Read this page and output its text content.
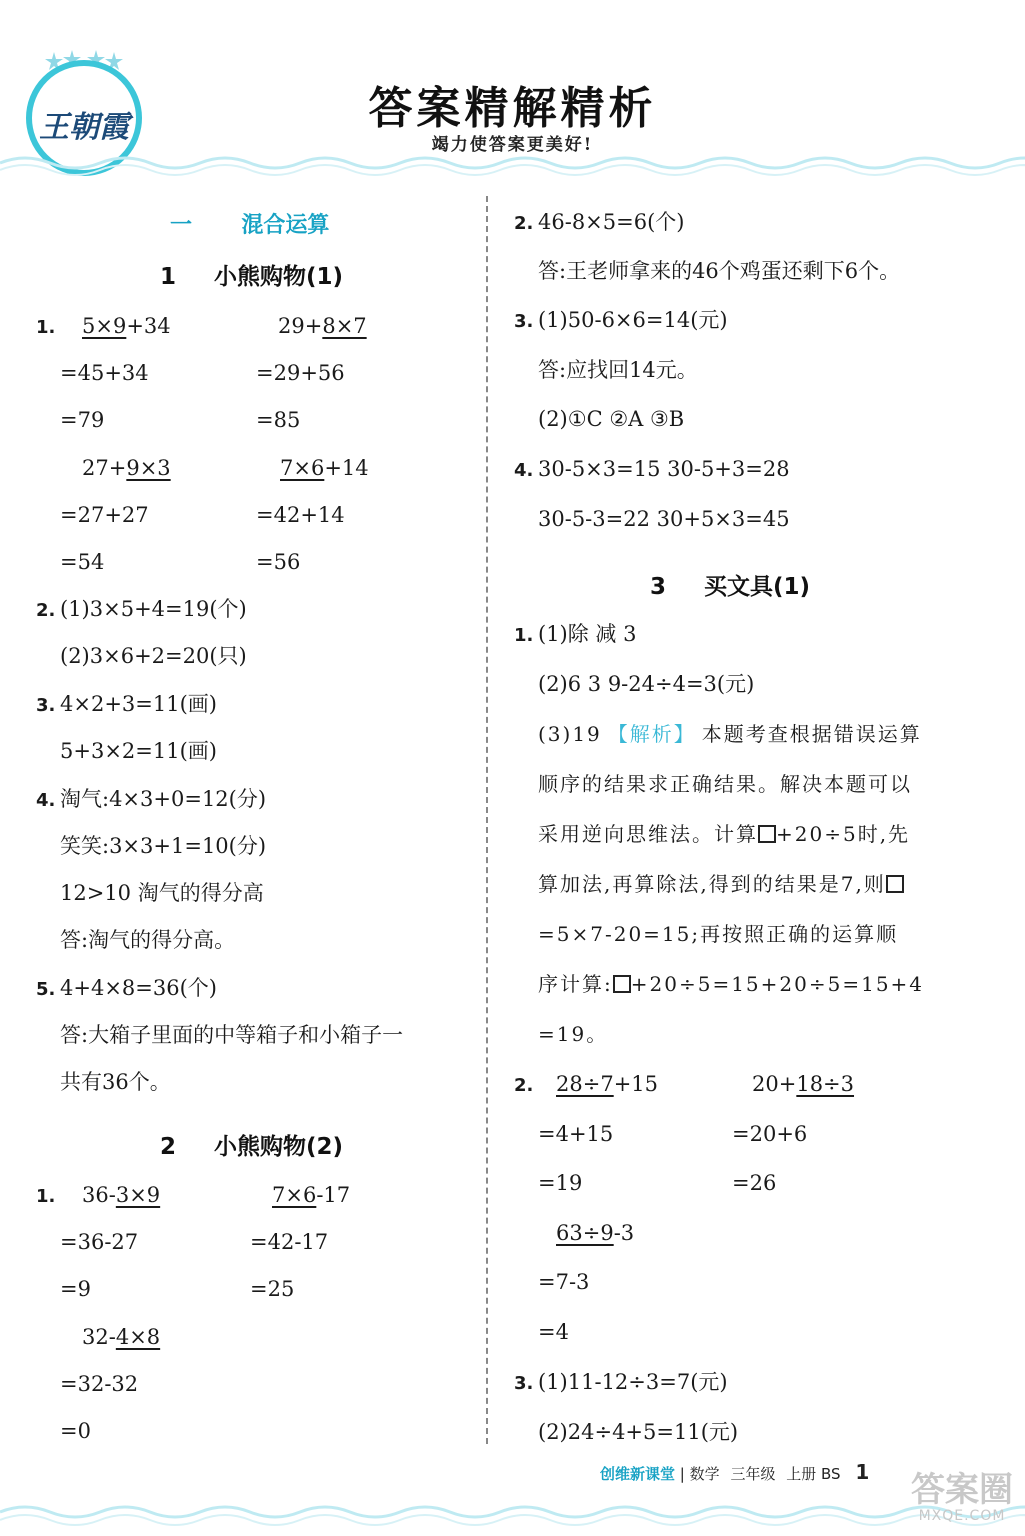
王朝霞	答案精解精析
竭力使答案更美好!
一 混合运算
1 小熊购物(1)
1. 5×9+34
=45+34
=79
29+8×7
=29+56
=85
27+9×3
=27+27
=54
7×6+14
=42+14
=56
2. (1)3×5+4=19(个)
(2)3×6+2=20(只)
3. 4×2+3=11(画)
5+3×2=11(画)
4. 淘气:4×3+0=12(分)
笑笑:3×3+1=10(分)
12>10 淘气的得分高
答:淘气的得分高。
5. 4+4×8=36(个)
答:大箱子里面的中等箱子和小箱子一
共有36个。
2 小熊购物(2)
1. 36-3×9
=36-27
=9
7×6-17
=42-17
=25
32-4×8
=32-32
=0
2. 46-8×5=6(个)
答:王老师拿来的46个鸡蛋还剩下6个。
3. (1)50-6×6=14(元)
答:应找回14元。
(2)①C ②A ③B
4. 30-5×3=15 30-5+3=28
30-5-3=22 30+5×3=45
3 买文具(1)
1. (1)除 减 3
(2)6 3 9-24÷4=3(元)
(3)19 【解析】 本题考查根据错误运算
顺序的结果求正确结果。解决本题可以
采用逆向思维法。计算 +20÷5时,先
算加法,再算除法,得到的结果是7,则
=5×7-20=15;再按照正确的运算顺
序计算: +20÷5=15+20÷5=15+4
=19。
2. 28÷7+15
=4+15
=19
20+18÷3
=20+6
=26
63÷9-3
=7-3
=4
3. (1)11-12÷3=7(元)
(2)24÷4+5=11(元)
创维新课堂 | 数学 三年级 上册 BS 1 答案圈
MXQE.COM
